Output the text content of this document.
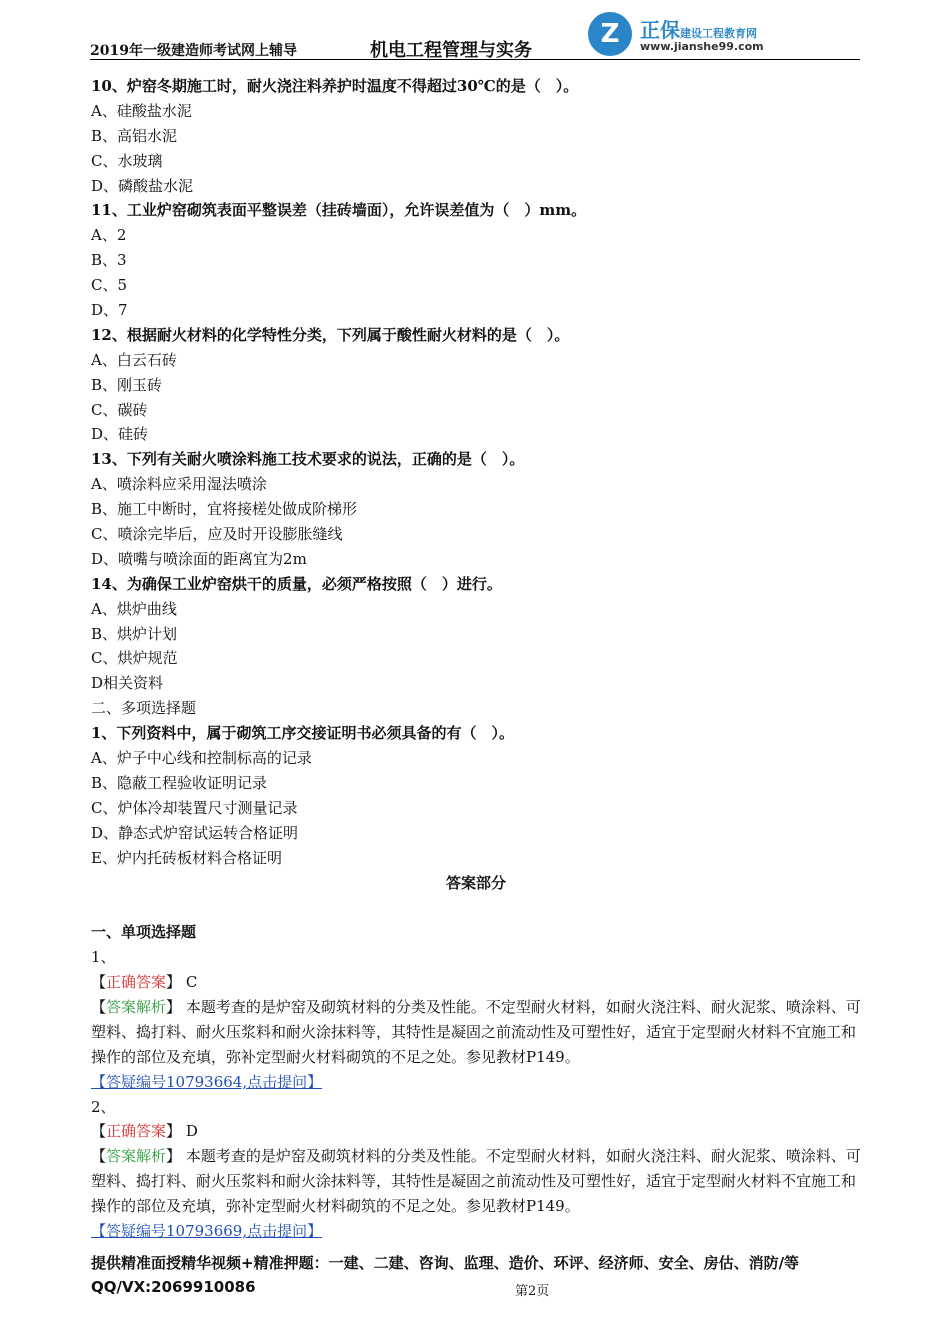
2019年一级建造师考试网上辅导	机电工程管理与实务
Z	正保建设工程教育网
www.jianshe99.com
10、炉窑冬期施工时，耐火浇注料养护时温度不得超过30℃的是（　）。
A、硅酸盐水泥
B、高铝水泥
C、水玻璃
D、磷酸盐水泥
11、工业炉窑砌筑表面平整误差（挂砖墙面），允许误差值为（　）mm。
A、2
B、3
C、5
D、7
12、根据耐火材料的化学特性分类，下列属于酸性耐火材料的是（　）。
A、白云石砖
B、刚玉砖
C、碳砖
D、硅砖
13、下列有关耐火喷涂料施工技术要求的说法，正确的是（　）。
A、喷涂料应采用湿法喷涂
B、施工中断时，宜将接槎处做成阶梯形
C、喷涂完毕后，应及时开设膨胀缝线
D、喷嘴与喷涂面的距离宜为2m
14、为确保工业炉窑烘干的质量，必须严格按照（　）进行。
A、烘炉曲线
B、烘炉计划
C、烘炉规范
D相关资料
二、多项选择题
1、下列资料中，属于砌筑工序交接证明书必须具备的有（　）。
A、炉子中心线和控制标高的记录
B、隐蔽工程验收证明记录
C、炉体冷却装置尺寸测量记录
D、静态式炉窑试运转合格证明
E、炉内托砖板材料合格证明
答案部分
一、单项选择题
1、
【正确答案】 C
【答案解析】 本题考查的是炉窑及砌筑材料的分类及性能。不定型耐火材料，如耐火浇注料、耐火泥浆、喷涂料、可塑料、捣打料、耐火压浆料和耐火涂抹料等，其特性是凝固之前流动性及可塑性好，适宜于定型耐火材料不宜施工和操作的部位及充填，弥补定型耐火材料砌筑的不足之处。参见教材P149。
【答疑编号10793664,点击提问】
2、
【正确答案】 D
【答案解析】 本题考查的是炉窑及砌筑材料的分类及性能。不定型耐火材料，如耐火浇注料、耐火泥浆、喷涂料、可塑料、捣打料、耐火压浆料和耐火涂抹料等，其特性是凝固之前流动性及可塑性好，适宜于定型耐火材料不宜施工和操作的部位及充填，弥补定型耐火材料砌筑的不足之处。参见教材P149。
【答疑编号10793669,点击提问】
提供精准面授精华视频+精准押题：一建、二建、咨询、监理、造价、环评、经济师、安全、房估、消防/等
QQ/VX:2069910086	第2页
